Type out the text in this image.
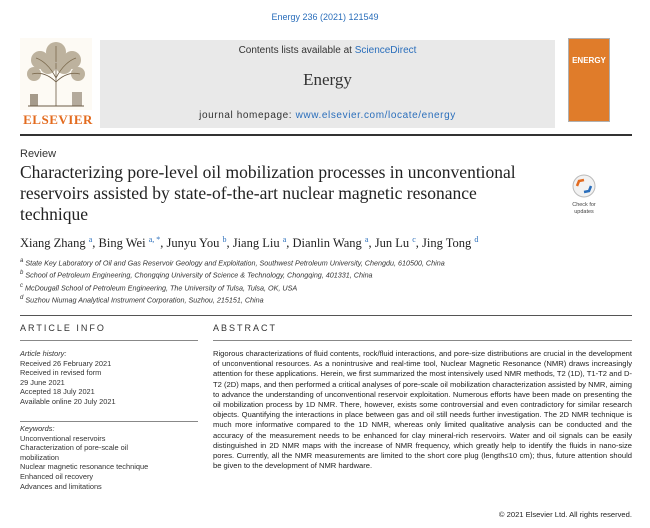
Energy 236 (2021) 121549
ELSEVIER
Contents lists available at ScienceDirect
Energy
journal homepage: www.elsevier.com/locate/energy
ENERGY
Review
Characterizing pore-level oil mobilization processes in unconventional reservoirs assisted by state-of-the-art nuclear magnetic resonance technique	Check for
updates
Xiang Zhang $^a$, Bing Wei $^{a, *}$, Junyu You $^b$, Jiang Liu $^a$, Dianlin Wang $^a$, Jun Lu $^c$, Jing Tong $^d$
$^a$ State Key Laboratory of Oil and Gas Reservoir Geology and Exploitation, Southwest Petroleum University, Chengdu, 610500, China
$^b$ School of Petroleum Engineering, Chongqing University of Science & Technology, Chongqing, 401331, China
$^c$ McDougall School of Petroleum Engineering, The University of Tulsa, Tulsa, OK, USA
$^d$ Suzhou Niumag Analytical Instrument Corporation, Suzhou, 215151, China
ARTICLE INFO	ABSTRACT
Article history:
Received 26 February 2021
Received in revised form
29 June 2021
Accepted 18 July 2021
Available online 20 July 2021
Keywords:
Unconventional reservoirs
Characterization of pore-scale oil
mobilization
Nuclear magnetic resonance technique
Enhanced oil recovery
Advances and limitations
Rigorous characterizations of fluid contents, rock/fluid interactions, and pore-size distributions are crucial in the development of unconventional resources. As a nonintrusive and real-time tool, Nuclear Magnetic Resonance (NMR) draws increasingly attention for these applications. Herein, we first summarized the most intensively used NMR methods, T2 (1D), T1-T2 and D-T2 (2D) maps, and then performed a critical analyses of pore-scale oil mobilization characterization assisted by NMR, aiming to advance the understanding of unconventional reservoir exploitation. Numerous efforts have been made on presenting the oil mobilization process by 1D NMR. There, however, exists some controversial and even contradictory for similar research objects. Quantifying the interactions in place between gas and oil still needs further investigation. The 2D NMR technique is much more informative compared to the 1D NMR, whereas only limited qualitative analysis can be conducted and the accuracy of the measurement needs to be enhanced for clay mineral-rich reservoirs. Water and oil signals can be easily distinguished in 2D NMR maps with the increase of NMR frequency, which greatly help to identify the fluids in nano-size pores. Currently, all the NMR measurements are limited to the short core plug (length≤10 cm); thus, future attention should be given to the development of NMR hardware.
© 2021 Elsevier Ltd. All rights reserved.
